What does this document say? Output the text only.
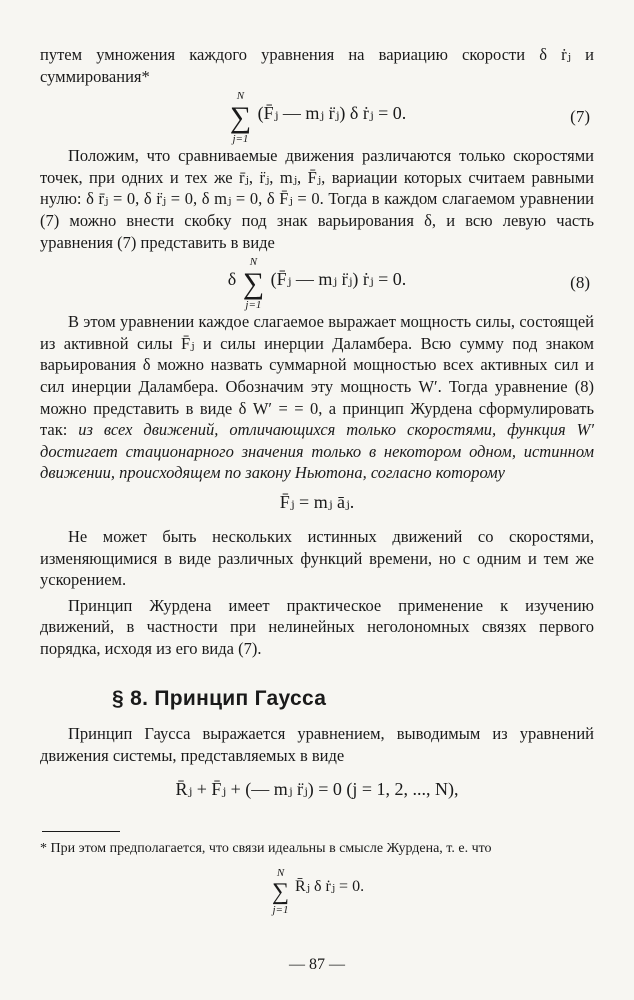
путем умножения каждого уравнения на вариацию скорости δ ṙⱼ и суммирования*

∑
N
j=1
(F̄ⱼ — mⱼ r̈ⱼ) δ ṙⱼ = 0.	(7)

Положим, что сравниваемые движения различаются только скоростями точек, при одних и тех же r̄ⱼ, r̈ⱼ, mⱼ, F̄ⱼ, вариации которых считаем равными нулю: δ r̄ⱼ = 0, δ r̈ⱼ = 0, δ mⱼ = 0, δ F̄ⱼ = 0. Тогда в каждом слагаемом уравнении (7) можно внести скобку под знак варьирования δ, и всю левую часть уравнения (7) представить в виде

δ ∑
N
j=1
(F̄ⱼ — mⱼ r̈ⱼ) ṙⱼ = 0.	(8)

В этом уравнении каждое слагаемое выражает мощность силы, состоящей из активной силы F̄ⱼ и силы инерции Даламбера. Всю сумму под знаком варьирования δ можно назвать суммарной мощностью всех активных сил и сил инерции Даламбера. Обозначим эту мощность W′. Тогда уравнение (8) можно представить в виде δ W′ = = 0, а принцип Журдена сформулировать так: из всех движений, отличающихся только скоростями, функция W′ достигает стационарного значения только в некотором одном, истинном движении, происходящем по закону Ньютона, согласно которому

F̄ⱼ = mⱼ āⱼ.

Не может быть нескольких истинных движений со скоростями, изменяющимися в виде различных функций времени, но с одним и тем же ускорением.

Принцип Журдена имеет практическое применение к изучению движений, в частности при нелинейных неголономных связях первого порядка, исходя из его вида (7).

§ 8. Принцип Гаусса

Принцип Гаусса выражается уравнением, выводимым из уравнений движения системы, представляемых в виде

R̄ⱼ + F̄ⱼ + (— mⱼ r̈ⱼ) = 0 (j = 1, 2, ..., N),

* При этом предполагается, что связи идеальны в смысле Журдена, т. е. что

∑
N
j=1
R̄ⱼ δ ṙⱼ = 0.
— 87 —
